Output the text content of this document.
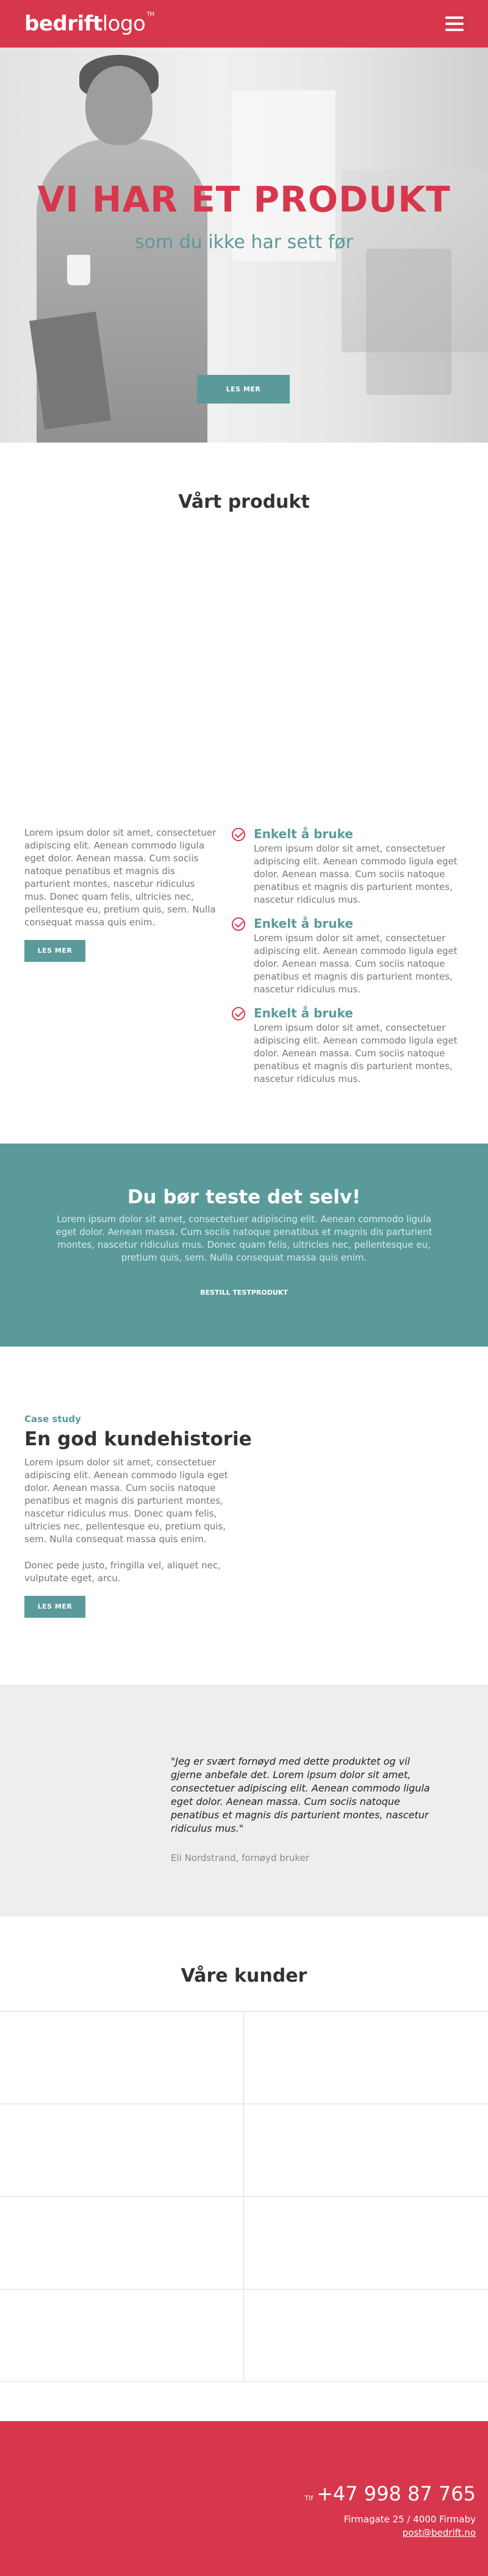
bedriftlogo ™
VI HAR ET PRODUKT
som du ikke har sett før
LES MER
Vårt produkt

Lorem ipsum dolor sit amet, consectetuer adipiscing elit. Aenean commodo ligula eget dolor. Aenean massa. Cum sociis natoque penatibus et magnis dis parturient montes, nascetur ridiculus mus. Donec quam felis, ultricies nec, pellentesque eu, pretium quis, sem. Nulla consequat massa quis enim.

LES MER
Enkelt å bruke

Lorem ipsum dolor sit amet, consectetuer adipiscing elit. Aenean commodo ligula eget dolor. Aenean massa. Cum sociis natoque penatibus et magnis dis parturient montes, nascetur ridiculus mus.

Enkelt å bruke

Lorem ipsum dolor sit amet, consectetuer adipiscing elit. Aenean commodo ligula eget dolor. Aenean massa. Cum sociis natoque penatibus et magnis dis parturient montes, nascetur ridiculus mus.

Enkelt å bruke

Lorem ipsum dolor sit amet, consectetuer adipiscing elit. Aenean commodo ligula eget dolor. Aenean massa. Cum sociis natoque penatibus et magnis dis parturient montes, nascetur ridiculus mus.

Du bør teste det selv!

Lorem ipsum dolor sit amet, consectetuer adipiscing elit. Aenean commodo ligula eget dolor. Aenean massa. Cum sociis natoque penatibus et magnis dis parturient montes, nascetur ridiculus mus. Donec quam felis, ultricies nec, pellentesque eu, pretium quis, sem. Nulla consequat massa quis enim.

BESTILL TESTPRODUKT
Case study
En god kundehistorie

Lorem ipsum dolor sit amet, consectetuer adipiscing elit. Aenean commodo ligula eget dolor. Aenean massa. Cum sociis natoque penatibus et magnis dis parturient montes, nascetur ridiculus mus. Donec quam felis, ultricies nec, pellentesque eu, pretium quis, sem. Nulla consequat massa quis enim.

Donec pede justo, fringilla vel, aliquet nec, vulputate eget, arcu.

LES MER
"Jeg er svært fornøyd med dette produktet og vil gjerne anbefale det. Lorem ipsum dolor sit amet, consectetuer adipiscing elit. Aenean commodo ligula eget dolor. Aenean massa. Cum sociis natoque penatibus et magnis dis parturient montes, nascetur ridiculus mus."
Eli Nordstrand, fornøyd bruker
Våre kunder
Tlf +47 998 87 765
Firmagate 25 / 4000 Firmaby
post@bedrift.no
